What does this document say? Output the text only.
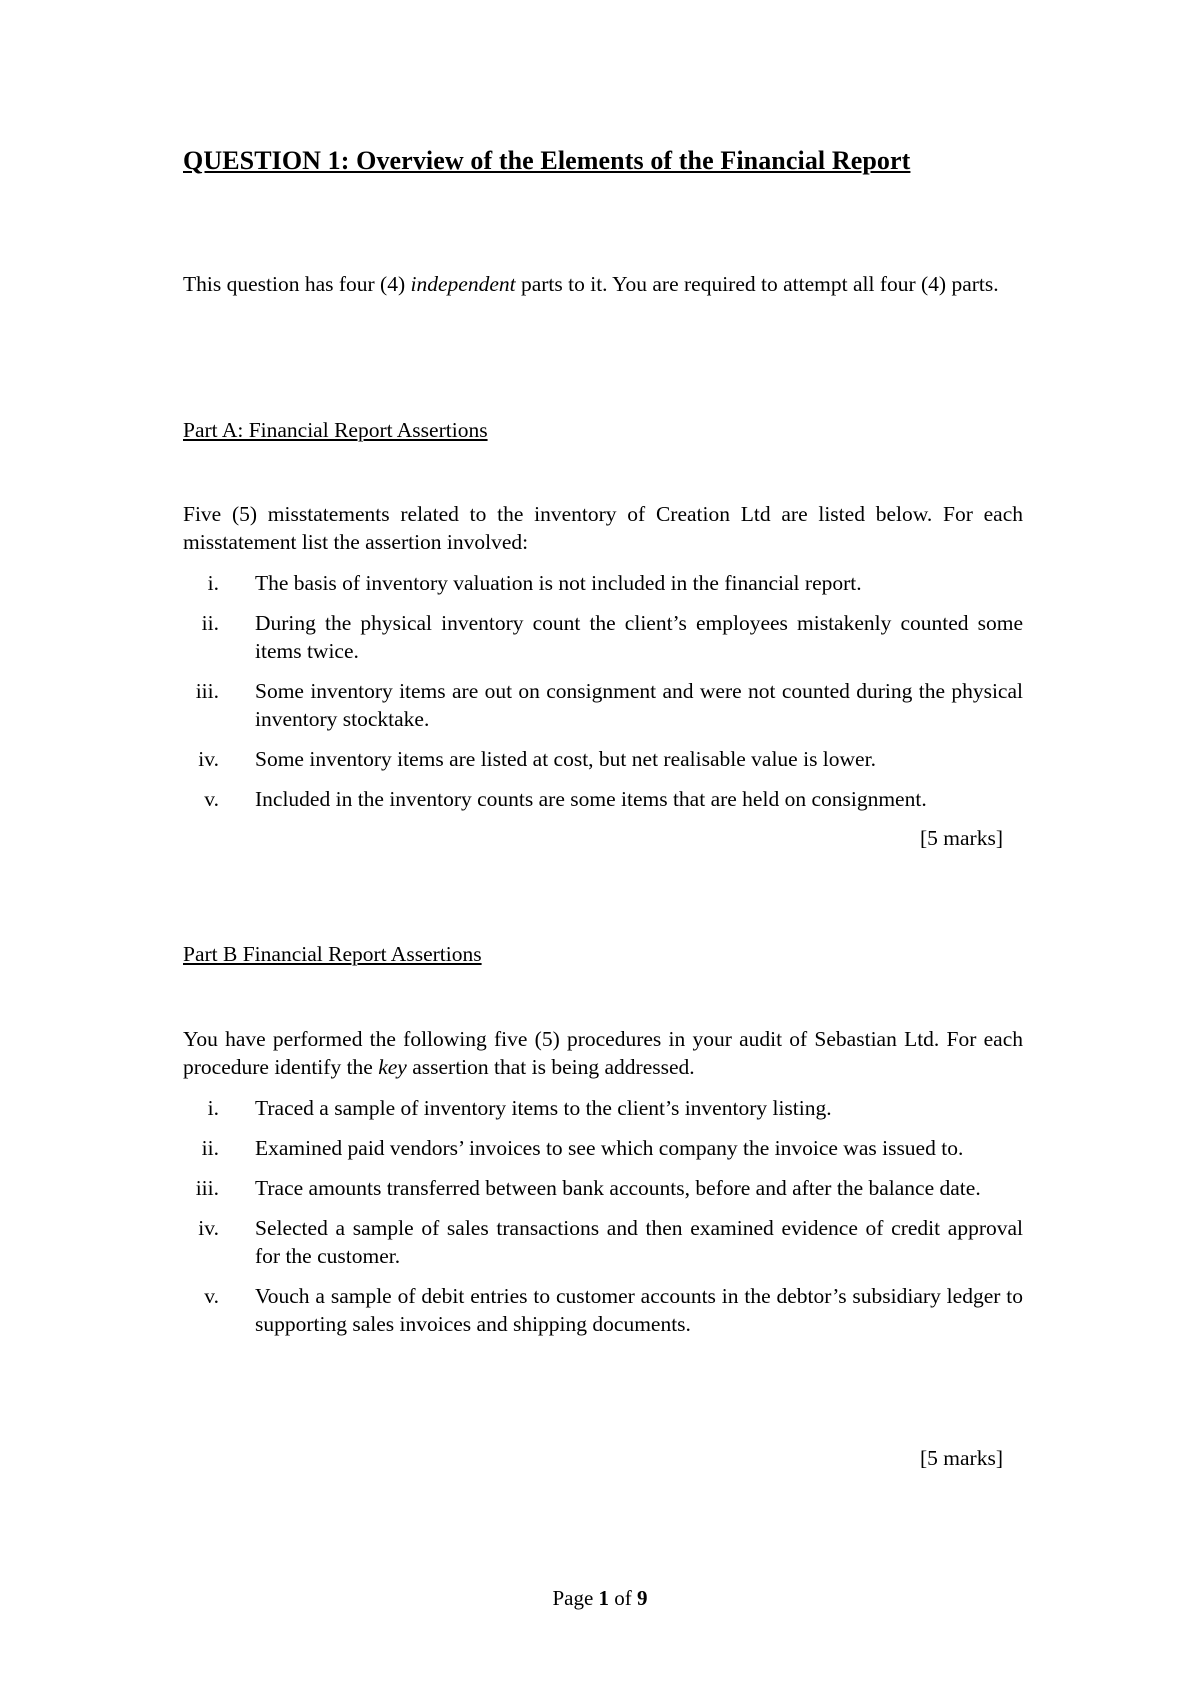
QUESTION 1: Overview of the Elements of the Financial Report
This question has four (4) independent parts to it. You are required to attempt all four (4) parts.
Part A: Financial Report Assertions
Five (5) misstatements related to the inventory of Creation Ltd are listed below. For each misstatement list the assertion involved:
i. The basis of inventory valuation is not included in the financial report.
ii. During the physical inventory count the client’s employees mistakenly counted some items twice.
iii. Some inventory items are out on consignment and were not counted during the physical inventory stocktake.
iv. Some inventory items are listed at cost, but net realisable value is lower.
v. Included in the inventory counts are some items that are held on consignment.
[5 marks]
Part B Financial Report Assertions
You have performed the following five (5) procedures in your audit of Sebastian Ltd. For each procedure identify the key assertion that is being addressed.
i. Traced a sample of inventory items to the client’s inventory listing.
ii. Examined paid vendors’ invoices to see which company the invoice was issued to.
iii. Trace amounts transferred between bank accounts, before and after the balance date.
iv. Selected a sample of sales transactions and then examined evidence of credit approval for the customer.
v. Vouch a sample of debit entries to customer accounts in the debtor’s subsidiary ledger to supporting sales invoices and shipping documents.
[5 marks]
Page 1 of 9
